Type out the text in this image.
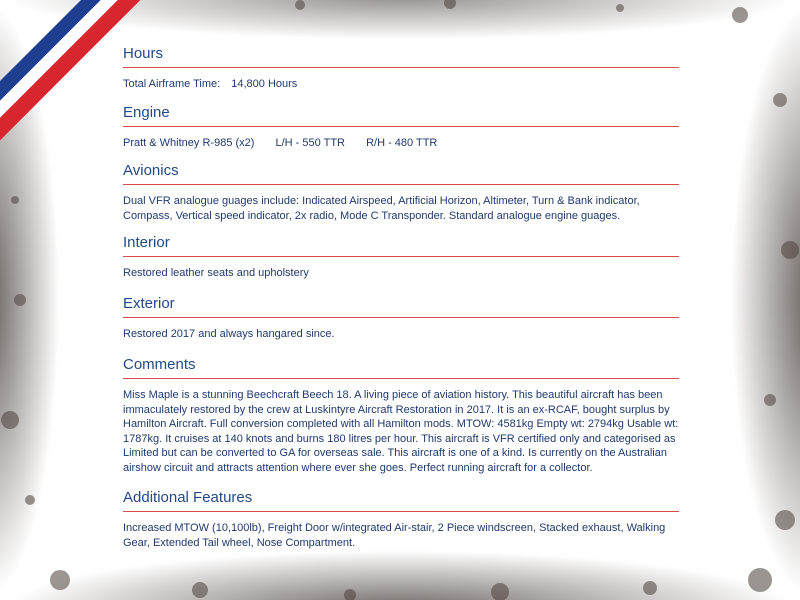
Hours

Total Airframe Time: 14,800 Hours

Engine

Pratt & Whitney R-985 (x2) L/H - 550 TTR R/H - 480 TTR

Avionics

Dual VFR analogue guages include: Indicated Airspeed, Artificial Horizon, Altimeter, Turn & Bank indicator, Compass, Vertical speed indicator, 2x radio, Mode C Transponder. Standard analogue engine guages.

Interior

Restored leather seats and upholstery

Exterior

Restored 2017 and always hangared since.

Comments

Miss Maple is a stunning Beechcraft Beech 18. A living piece of aviation history. This beautiful aircraft has been immaculately restored by the crew at Luskintyre Aircraft Restoration in 2017. It is an ex-RCAF, bought surplus by Hamilton Aircraft. Full conversion completed with all Hamilton mods. MTOW: 4581kg Empty wt: 2794kg Usable wt: 1787kg. It cruises at 140 knots and burns 180 litres per hour. This aircraft is VFR certified only and categorised as Limited but can be converted to GA for overseas sale. This aircraft is one of a kind. Is currently on the Australian airshow circuit and attracts attention where ever she goes. Perfect running aircraft for a collector.

Additional Features

Increased MTOW (10,100lb), Freight Door w/integrated Air-stair, 2 Piece windscreen, Stacked exhaust, Walking Gear, Extended Tail wheel, Nose Compartment.
